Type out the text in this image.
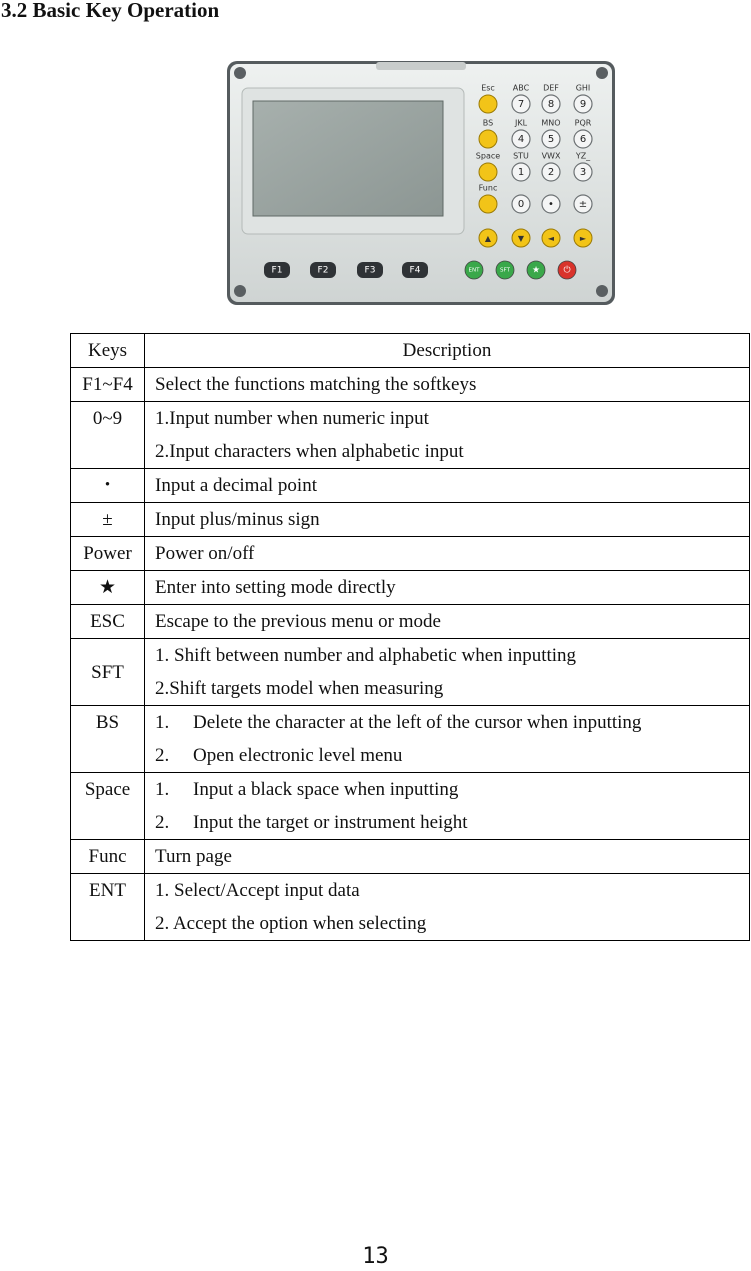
3.2 Basic Key Operation
Esc
BS
Space
Func
ABC DEF GHI
JKL MNO PQR
STU VWX YZ_
7 8	9
4 5	6
1 2	3
0 • ±
▲	▼	◄	►
F1	F2	F3	F4	ENT	SFT ★	⏻
Keys	Description
F1~F4	Select the functions matching the softkeys

0~9	1.Input number when numeric input
2.Input characters when alphabetic input

・	Input a decimal point

±	Input plus/minus sign

Power	Power on/off

★	Enter into setting mode directly

ESC	Escape to the previous menu or mode

SFT	1. Shift between number and alphabetic when inputting
2.Shift targets model when measuring

BS	1. Delete the character at the left of the cursor when inputting
2. Open electronic level menu

Space	1. Input a black space when inputting
2. Input the target or instrument height

Func	Turn page

ENT	1. Select/Accept input data
2. Accept the option when selecting
13
